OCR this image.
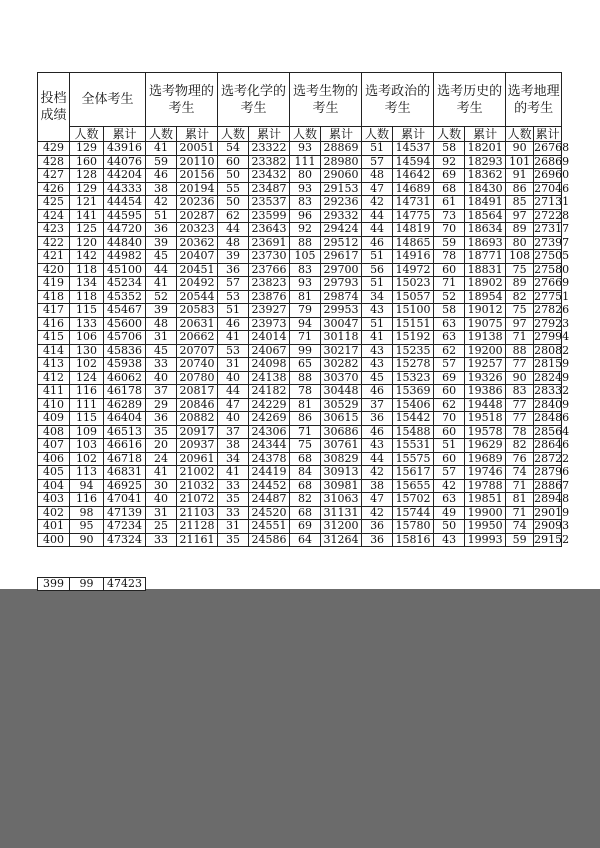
投档成绩	全体考生		选考物理的考生		选考化学的考生		选考生物的考生		选考政治的考生		选考历史的考生		选考地理的考生	
	人数	累计	人数	累计	人数	累计	人数	累计	人数	累计	人数	累计	人数	累计
429	129	43916	41	20051	54	23322	93	28869	51	14537	58	18201	90	26768
428	160	44076	59	20110	60	23382	111	28980	57	14594	92	18293	101	26869
427	128	44204	46	20156	50	23432	80	29060	48	14642	69	18362	91	26960
426	129	44333	38	20194	55	23487	93	29153	47	14689	68	18430	86	27046
425	121	44454	42	20236	50	23537	83	29236	42	14731	61	18491	85	27131
424	141	44595	51	20287	62	23599	96	29332	44	14775	73	18564	97	27228
423	125	44720	36	20323	44	23643	92	29424	44	14819	70	18634	89	27317
422	120	44840	39	20362	48	23691	88	29512	46	14865	59	18693	80	27397
421	142	44982	45	20407	39	23730	105	29617	51	14916	78	18771	108	27505
420	118	45100	44	20451	36	23766	83	29700	56	14972	60	18831	75	27580
419	134	45234	41	20492	57	23823	93	29793	51	15023	71	18902	89	27669
418	118	45352	52	20544	53	23876	81	29874	34	15057	52	18954	82	27751
417	115	45467	39	20583	51	23927	79	29953	43	15100	58	19012	75	27826
416	133	45600	48	20631	46	23973	94	30047	51	15151	63	19075	97	27923
415	106	45706	31	20662	41	24014	71	30118	41	15192	63	19138	71	27994
414	130	45836	45	20707	53	24067	99	30217	43	15235	62	19200	88	28082
413	102	45938	33	20740	31	24098	65	30282	43	15278	57	19257	77	28159
412	124	46062	40	20780	40	24138	88	30370	45	15323	69	19326	90	28249
411	116	46178	37	20817	44	24182	78	30448	46	15369	60	19386	83	28332
410	111	46289	29	20846	47	24229	81	30529	37	15406	62	19448	77	28409
409	115	46404	36	20882	40	24269	86	30615	36	15442	70	19518	77	28486
408	109	46513	35	20917	37	24306	71	30686	46	15488	60	19578	78	28564
407	103	46616	20	20937	38	24344	75	30761	43	15531	51	19629	82	28646
406	102	46718	24	20961	34	24378	68	30829	44	15575	60	19689	76	28722
405	113	46831	41	21002	41	24419	84	30913	42	15617	57	19746	74	28796
404	94	46925	30	21032	33	24452	68	30981	38	15655	42	19788	71	28867
403	116	47041	40	21072	35	24487	82	31063	47	15702	63	19851	81	28948
402	98	47139	31	21103	33	24520	68	31131	42	15744	49	19900	71	29019
401	95	47234	25	21128	31	24551	69	31200	36	15780	50	19950	74	29093
400	90	47324	33	21161	35	24586	64	31264	36	15816	43	19993	59	29152
399	99	47423
